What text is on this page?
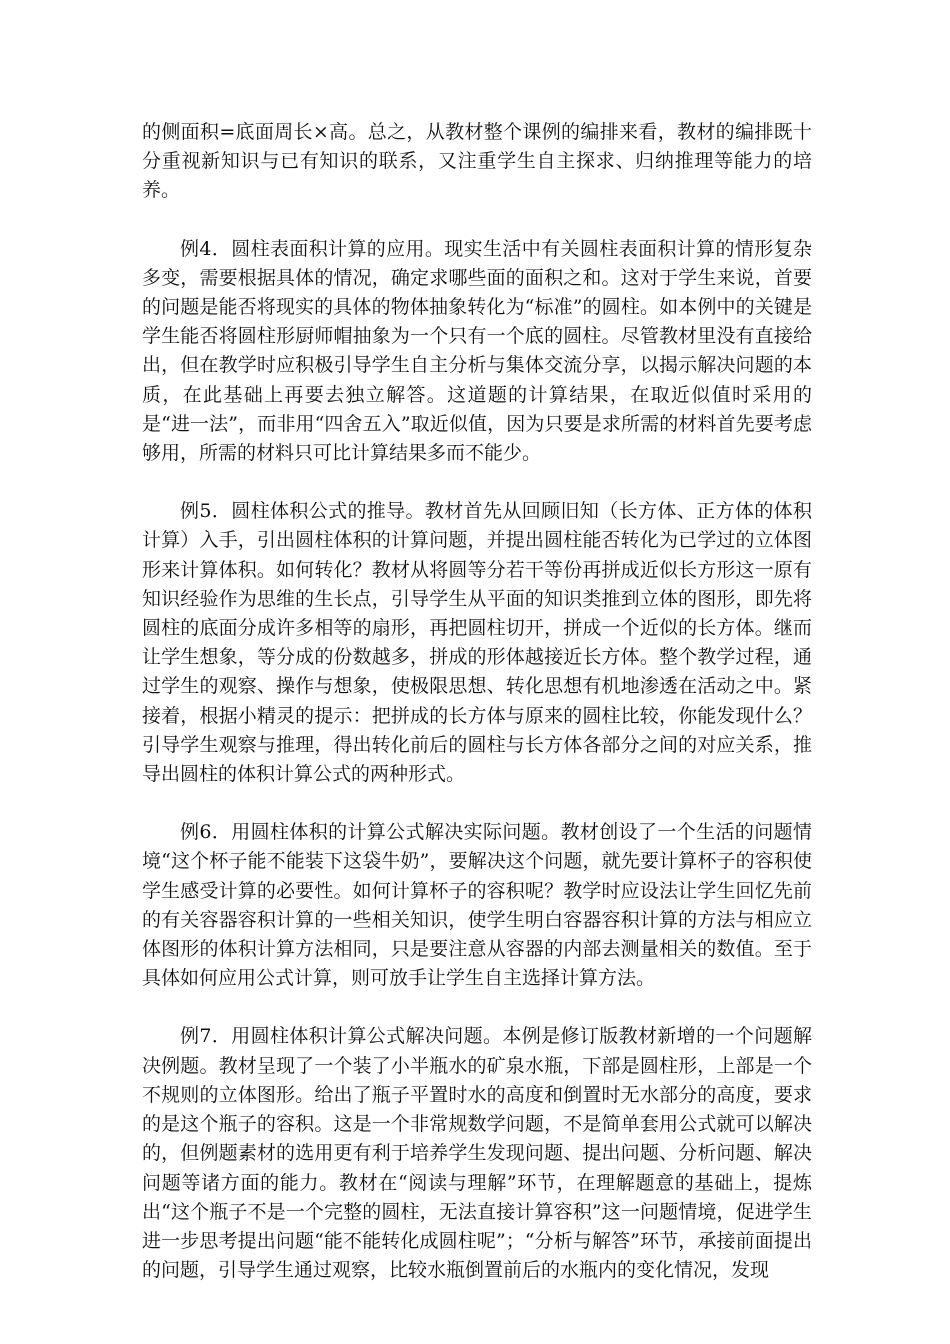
的侧面积=底面周长×高。总之，从教材整个课例的编排来看，教材的编排既十分重视新知识与已有知识的联系，又注重学生自主探求、归纳推理等能力的培养。

例4．圆柱表面积计算的应用。现实生活中有关圆柱表面积计算的情形复杂多变，需要根据具体的情况，确定求哪些面的面积之和。这对于学生来说，首要的问题是能否将现实的具体的物体抽象转化为“标准”的圆柱。如本例中的关键是学生能否将圆柱形厨师帽抽象为一个只有一个底的圆柱。尽管教材里没有直接给出，但在教学时应积极引导学生自主分析与集体交流分享，以揭示解决问题的本质，在此基础上再要去独立解答。这道题的计算结果，在取近似值时采用的是“进一法”，而非用“四舍五入”取近似值，因为只要是求所需的材料首先要考虑够用，所需的材料只可比计算结果多而不能少。

例5．圆柱体积公式的推导。教材首先从回顾旧知（长方体、正方体的体积计算）入手，引出圆柱体积的计算问题，并提出圆柱能否转化为已学过的立体图形来计算体积。如何转化？教材从将圆等分若干等份再拼成近似长方形这一原有知识经验作为思维的生长点，引导学生从平面的知识类推到立体的图形，即先将圆柱的底面分成许多相等的扇形，再把圆柱切开，拼成一个近似的长方体。继而让学生想象，等分成的份数越多，拼成的形体越接近长方体。整个教学过程，通过学生的观察、操作与想象，使极限思想、转化思想有机地渗透在活动之中。紧接着，根据小精灵的提示：把拼成的长方体与原来的圆柱比较，你能发现什么？引导学生观察与推理，得出转化前后的圆柱与长方体各部分之间的对应关系，推导出圆柱的体积计算公式的两种形式。

例6．用圆柱体积的计算公式解决实际问题。教材创设了一个生活的问题情境“这个杯子能不能装下这袋牛奶”，要解决这个问题，就先要计算杯子的容积使学生感受计算的必要性。如何计算杯子的容积呢？教学时应设法让学生回忆先前的有关容器容积计算的一些相关知识，使学生明白容器容积计算的方法与相应立体图形的体积计算方法相同，只是要注意从容器的内部去测量相关的数值。至于具体如何应用公式计算，则可放手让学生自主选择计算方法。

例7．用圆柱体积计算公式解决问题。本例是修订版教材新增的一个问题解决例题。教材呈现了一个装了小半瓶水的矿泉水瓶，下部是圆柱形，上部是一个不规则的立体图形。给出了瓶子平置时水的高度和倒置时无水部分的高度，要求的是这个瓶子的容积。这是一个非常规数学问题，不是简单套用公式就可以解决的，但例题素材的选用更有利于培养学生发现问题、提出问题、分析问题、解决问题等诸方面的能力。教材在“阅读与理解”环节，在理解题意的基础上，提炼出“这个瓶子不是一个完整的圆柱，无法直接计算容积”这一问题情境，促进学生进一步思考提出问题“能不能转化成圆柱呢”；“分析与解答”环节，承接前面提出的问题，引导学生通过观察，比较水瓶倒置前后的水瓶内的变化情况，发现
